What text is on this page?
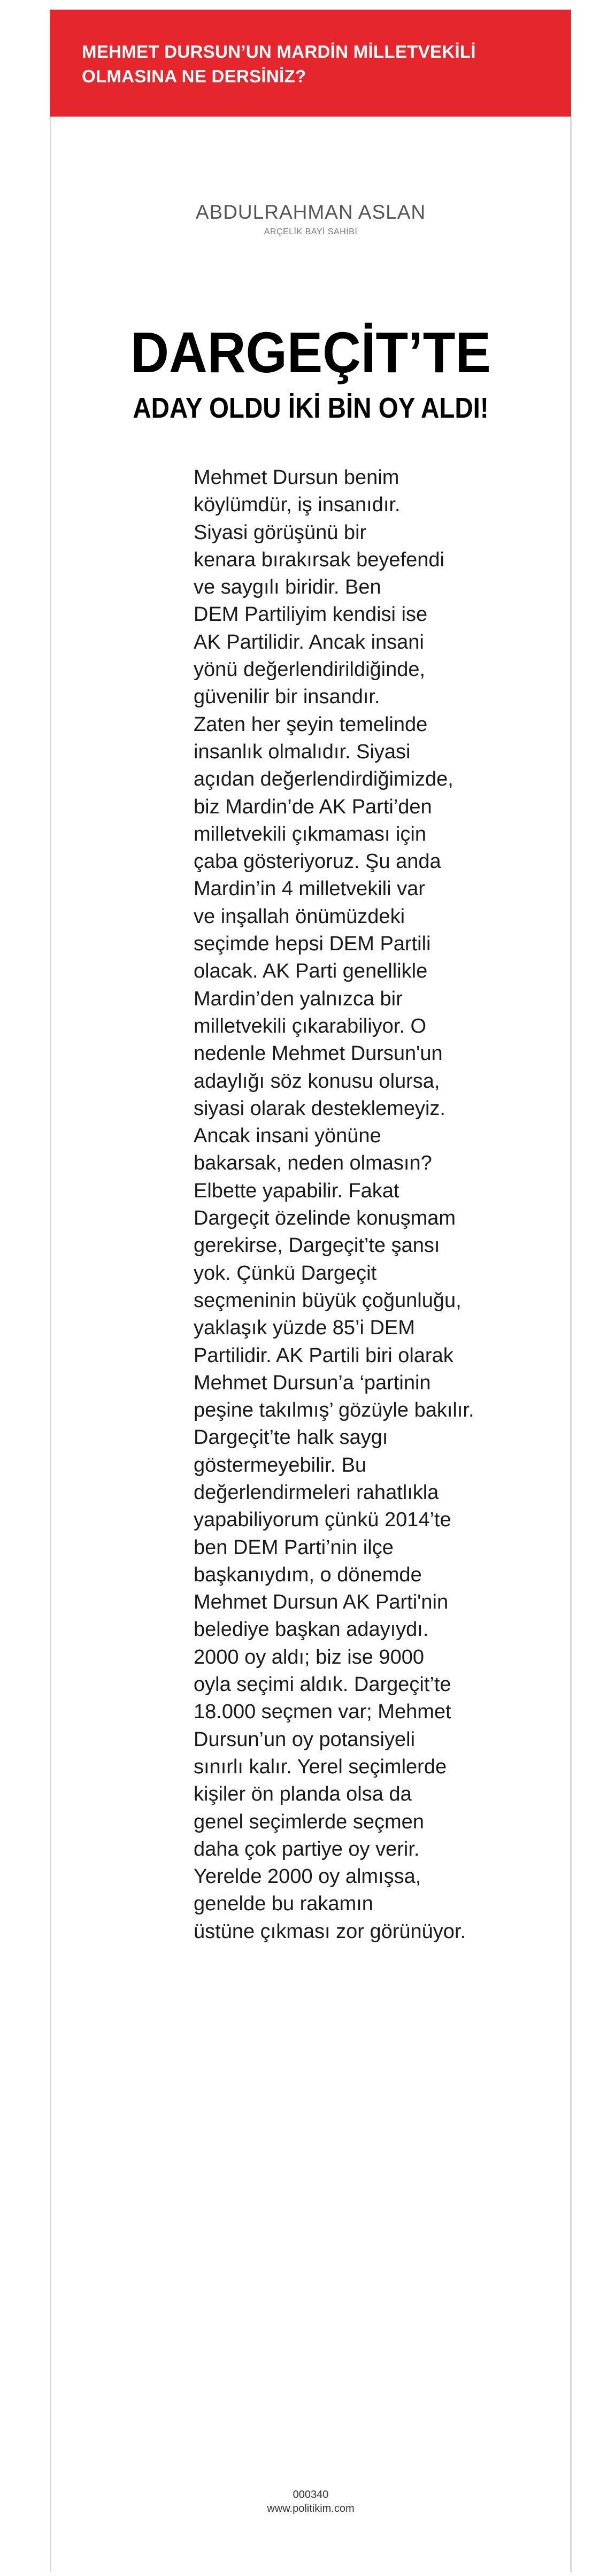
MEHMET DURSUN’UN MARDİN MİLLETVEKİLİ
OLMASINA NE DERSİNİZ?

ABDULRAHMAN ASLAN

ARÇELİK BAYİ SAHİBİ

DARGEÇİT’TE
ADAY OLDU İKİ BİN OY ALDI!
Mehmet Dursun benim
köylümdür, iş insanıdır.
Siyasi görüşünü bir
kenara bırakırsak beyefendi
ve saygılı biridir. Ben
DEM Partiliyim kendisi ise
AK Partilidir. Ancak insani
yönü değerlendirildiğinde,
güvenilir bir insandır.
Zaten her şeyin temelinde
insanlık olmalıdır. Siyasi
açıdan değerlendirdiğimizde,
biz Mardin’de AK Parti’den
milletvekili çıkmaması için
çaba gösteriyoruz. Şu anda
Mardin’in 4 milletvekili var
ve inşallah önümüzdeki
seçimde hepsi DEM Partili
olacak. AK Parti genellikle
Mardin’den yalnızca bir
milletvekili çıkarabiliyor. O
nedenle Mehmet Dursun'un
adaylığı söz konusu olursa,
siyasi olarak desteklemeyiz.
Ancak insani yönüne
bakarsak, neden olmasın?
Elbette yapabilir. Fakat
Dargeçit özelinde konuşmam
gerekirse, Dargeçit’te şansı
yok. Çünkü Dargeçit
seçmeninin büyük çoğunluğu,
yaklaşık yüzde 85’i DEM
Partilidir. AK Partili biri olarak
Mehmet Dursun’a ‘partinin
peşine takılmış’ gözüyle bakılır.
Dargeçit’te halk saygı
göstermeyebilir. Bu
değerlendirmeleri rahatlıkla
yapabiliyorum çünkü 2014’te
ben DEM Parti’nin ilçe
başkanıydım, o dönemde
Mehmet Dursun AK Parti'nin
belediye başkan adayıydı.
2000 oy aldı; biz ise 9000
oyla seçimi aldık. Dargeçit’te
18.000 seçmen var; Mehmet
Dursun’un oy potansiyeli
sınırlı kalır. Yerel seçimlerde
kişiler ön planda olsa da
genel seçimlerde seçmen
daha çok partiye oy verir.
Yerelde 2000 oy almışsa,
genelde bu rakamın
üstüne çıkması zor görünüyor.

000340

www.politikim.com
